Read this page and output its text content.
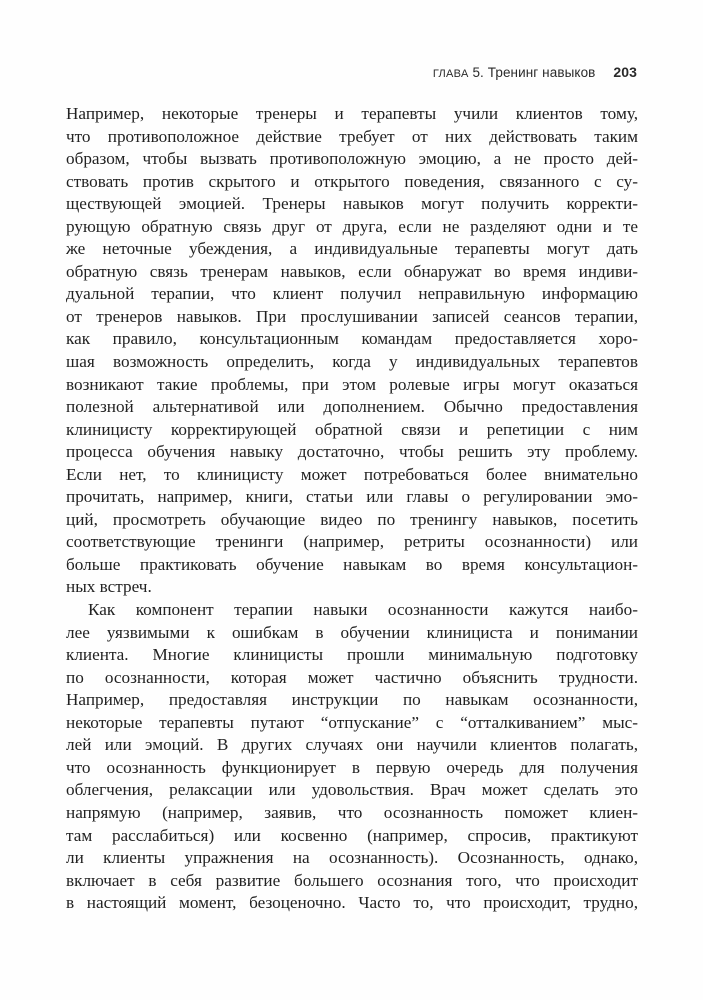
ГЛАВА 5. Тренинг навыков 203
Например, некоторые тренеры и терапевты учили клиентов тому,
что противоположное действие требует от них действовать таким
образом, чтобы вызвать противоположную эмоцию, а не просто дей-
ствовать против скрытого и открытого поведения, связанного с су-
ществующей эмоцией. Тренеры навыков могут получить корректи-
рующую обратную связь друг от друга, если не разделяют одни и те
же неточные убеждения, а индивидуальные терапевты могут дать
обратную связь тренерам навыков, если обнаружат во время индиви-
дуальной терапии, что клиент получил неправильную информацию
от тренеров навыков. При прослушивании записей сеансов терапии,
как правило, консультационным командам предоставляется хоро-
шая возможность определить, когда у индивидуальных терапевтов
возникают такие проблемы, при этом ролевые игры могут оказаться
полезной альтернативой или дополнением. Обычно предоставления
клиницисту корректирующей обратной связи и репетиции с ним
процесса обучения навыку достаточно, чтобы решить эту проблему.
Если нет, то клиницисту может потребоваться более внимательно
прочитать, например, книги, статьи или главы о регулировании эмо-
ций, просмотреть обучающие видео по тренингу навыков, посетить
соответствующие тренинги (например, ретриты осознанности) или
больше практиковать обучение навыкам во время консультацион-
ных встреч.
Как компонент терапии навыки осознанности кажутся наибо-
лее уязвимыми к ошибкам в обучении клинициста и понимании
клиента. Многие клиницисты прошли минимальную подготовку
по осознанности, которая может частично объяснить трудности.
Например, предоставляя инструкции по навыкам осознанности,
некоторые терапевты путают “отпускание” с “отталкиванием” мыс-
лей или эмоций. В других случаях они научили клиентов полагать,
что осознанность функционирует в первую очередь для получения
облегчения, релаксации или удовольствия. Врач может сделать это
напрямую (например, заявив, что осознанность поможет клиен-
там расслабиться) или косвенно (например, спросив, практикуют
ли клиенты упражнения на осознанность). Осознанность, однако,
включает в себя развитие большего осознания того, что происходит
в настоящий момент, безоценочно. Часто то, что происходит, трудно,
